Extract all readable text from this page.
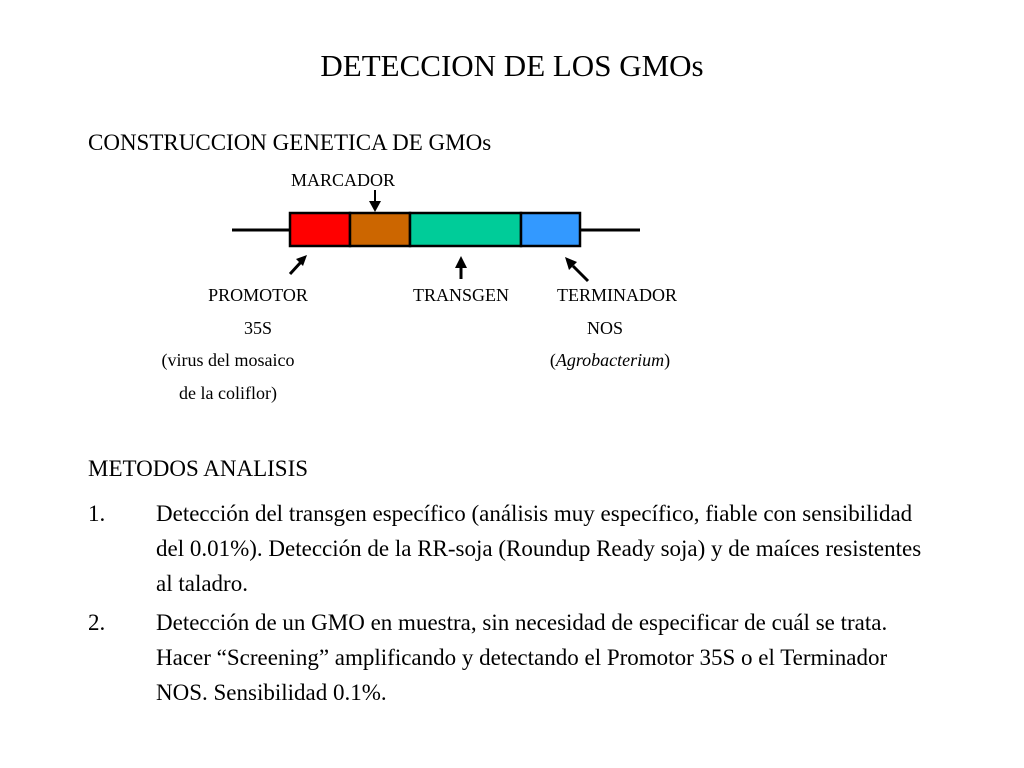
DETECCION DE LOS GMOs
CONSTRUCCION GENETICA DE GMOs
MARCADOR
PROMOTOR
35S
(virus del mosaico
de la coliflor)
TRANSGEN	TERMINADOR
NOS
(Agrobacterium)
METODOS ANALISIS
1. Detección del transgen específico (análisis muy específico, fiable con sensibilidad del 0.01%). Detección de la RR-soja (Roundup Ready soja) y de maíces resistentes al taladro.
2. Detección de un GMO en muestra, sin necesidad de especificar de cuál se trata. Hacer “Screening” amplificando y detectando el Promotor 35S o el Terminador NOS. Sensibilidad 0.1%.
